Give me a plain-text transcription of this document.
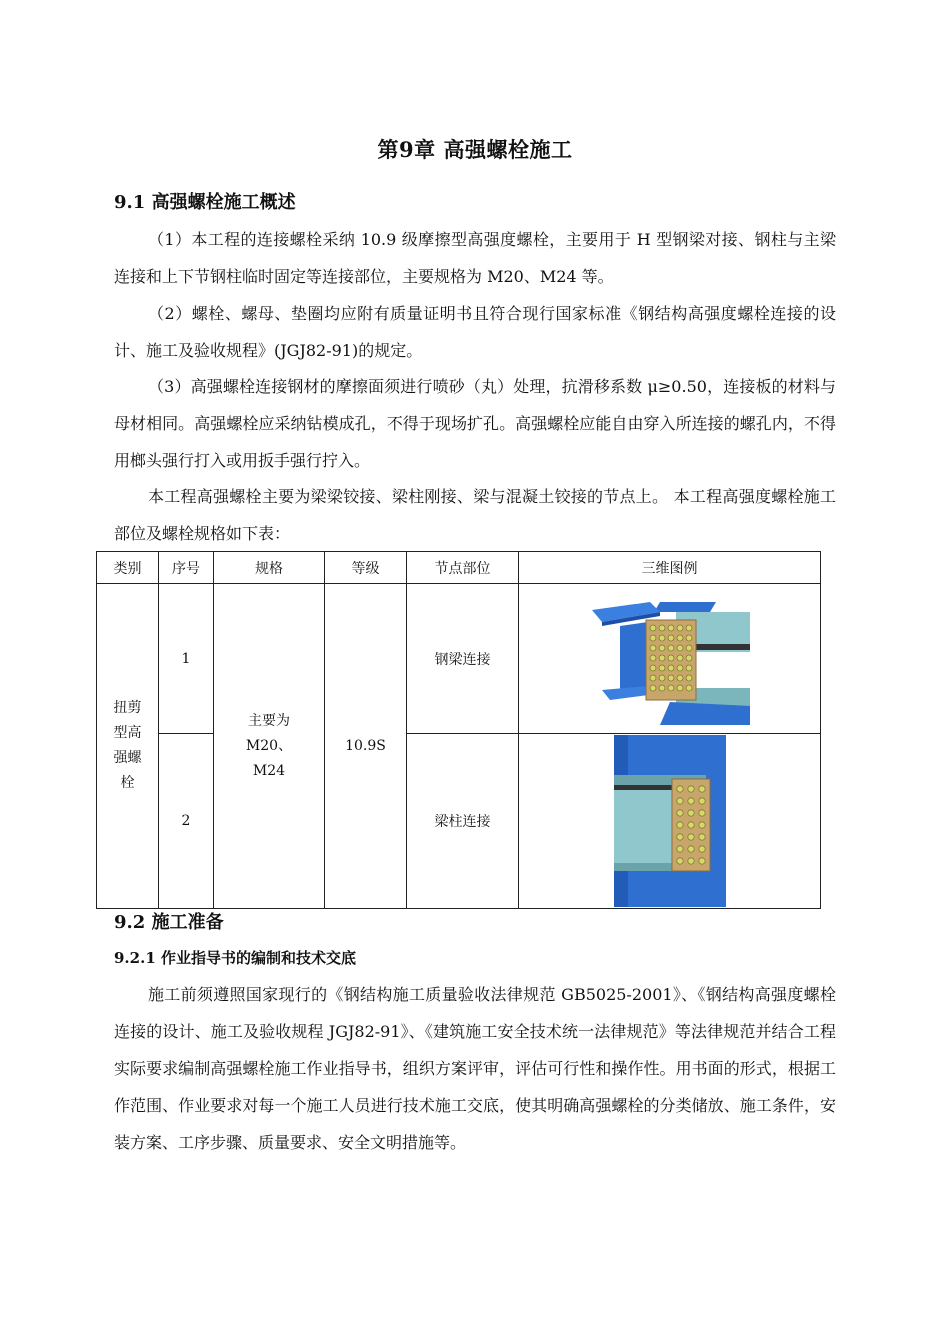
第9章 高强螺栓施工
9.1 高强螺栓施工概述
（1）本工程的连接螺栓采纳 10.9 级摩擦型高强度螺栓，主要用于 H 型钢梁对接、钢柱与主梁连接和上下节钢柱临时固定等连接部位，主要规格为 M20、M24 等。
（2）螺栓、螺母、垫圈均应附有质量证明书且符合现行国家标准《钢结构高强度螺栓连接的设计、施工及验收规程》(JGJ82-91)的规定。
（3）高强螺栓连接钢材的摩擦面须进行喷砂（丸）处理，抗滑移系数 μ≥0.50，连接板的材料与母材相同。高强螺栓应采纳钻模成孔，不得于现场扩孔。高强螺栓应能自由穿入所连接的螺孔内，不得用榔头强行打入或用扳手强行拧入。
本工程高强螺栓主要为梁梁铰接、梁柱刚接、梁与混凝土铰接的节点上。 本工程高强度螺栓施工部位及螺栓规格如下表：
类别	序号	规格	等级	节点部位	三维图例
扭剪型高强螺栓	1	主要为M20、M24	10.9S	钢梁连接	

	2			梁柱连接	
9.2 施工准备
9.2.1 作业指导书的编制和技术交底
施工前须遵照国家现行的《钢结构施工质量验收法律规范 GB5025-2001》、《钢结构高强度螺栓连接的设计、施工及验收规程 JGJ82-91》、《建筑施工安全技术统一法律规范》等法律规范并结合工程实际要求编制高强螺栓施工作业指导书，组织方案评审，评估可行性和操作性。用书面的形式，根据工作范围、作业要求对每一个施工人员进行技术施工交底，使其明确高强螺栓的分类储放、施工条件，安装方案、工序步骤、质量要求、安全文明措施等。
